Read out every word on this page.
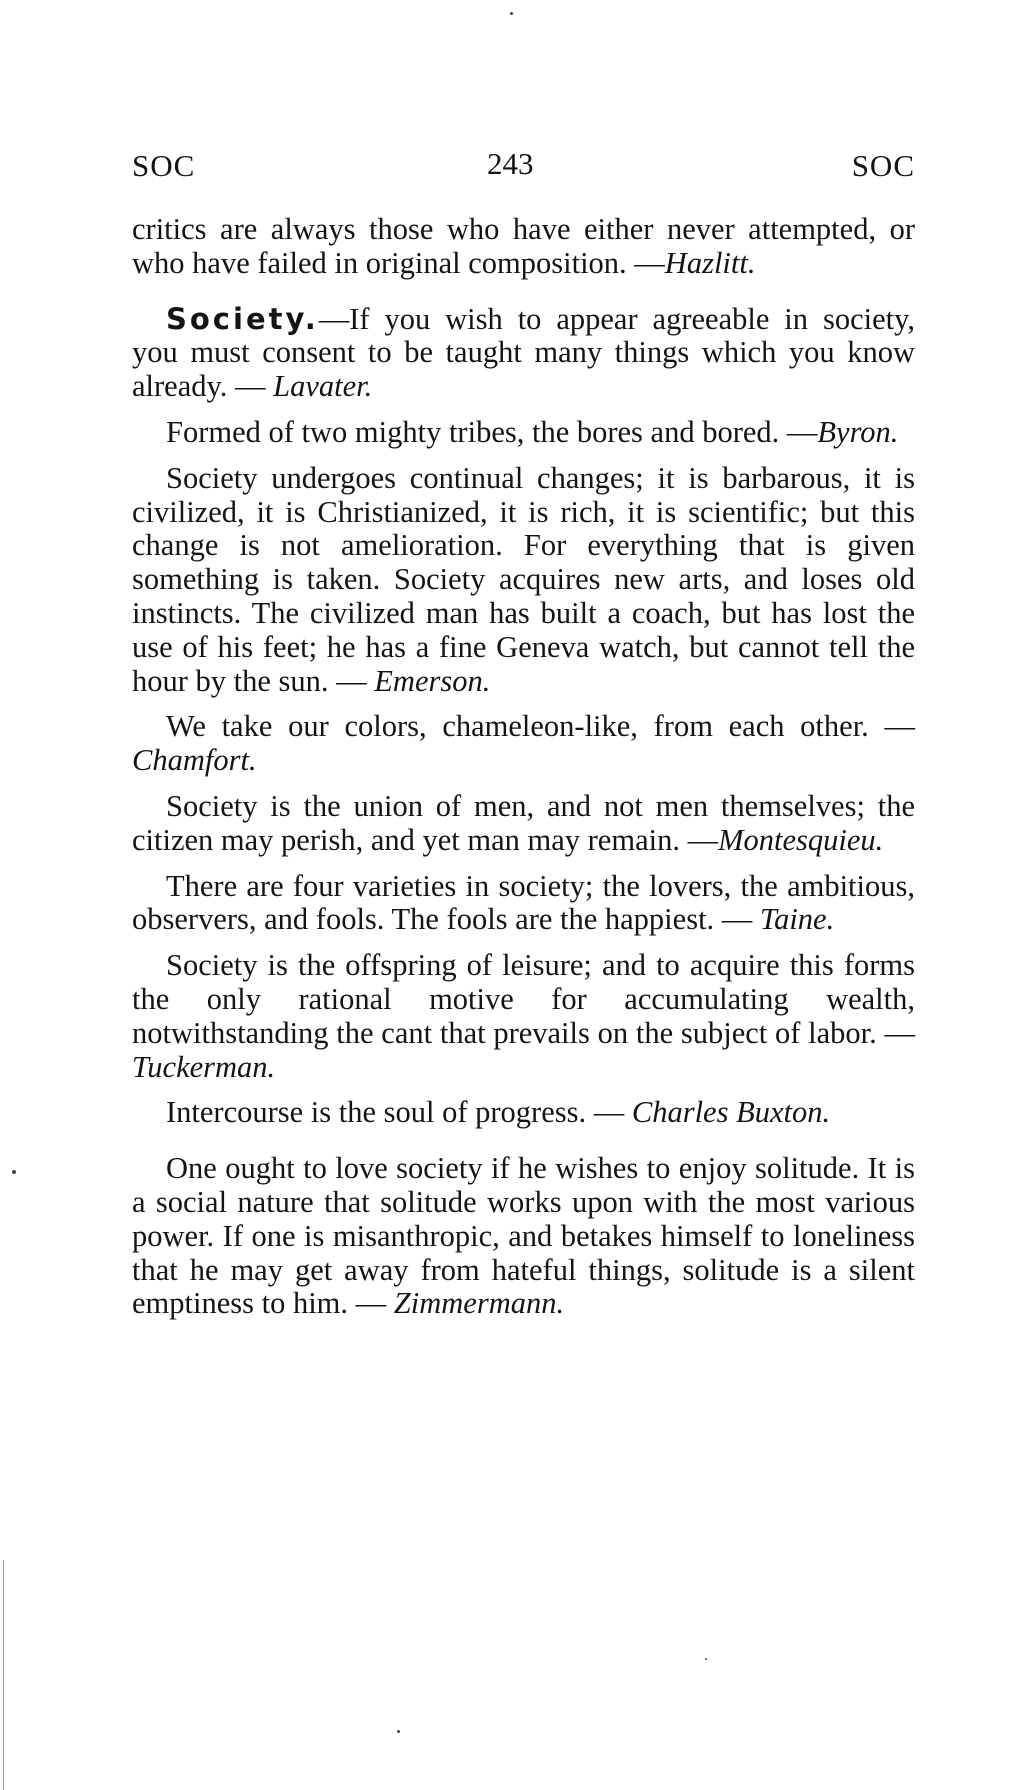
SOC	243	SOC

critics are always those who have either never attempted, or who have failed in original composition. —Hazlitt.

Society.—If you wish to appear agreeable in society, you must consent to be taught many things which you know already. — Lavater.

Formed of two mighty tribes, the bores and bored. —Byron.

Society undergoes continual changes; it is barbarous, it is civilized, it is Christianized, it is rich, it is scientific; but this change is not amelioration. For everything that is given something is taken. Society acquires new arts, and loses old instincts. The civilized man has built a coach, but has lost the use of his feet; he has a fine Geneva watch, but cannot tell the hour by the sun. — Emerson.

We take our colors, chameleon-like, from each other. — Chamfort.

Society is the union of men, and not men themselves; the citizen may perish, and yet man may remain. —Montesquieu.

There are four varieties in society; the lovers, the ambitious, observers, and fools. The fools are the happiest. — Taine.

Society is the offspring of leisure; and to acquire this forms the only rational motive for accumulating wealth, notwithstanding the cant that prevails on the subject of labor. —Tuckerman.

Intercourse is the soul of progress. — Charles Buxton.

One ought to love society if he wishes to enjoy solitude. It is a social nature that solitude works upon with the most various power. If one is misanthropic, and betakes himself to loneliness that he may get away from hateful things, solitude is a silent emptiness to him. — Zimmermann.
